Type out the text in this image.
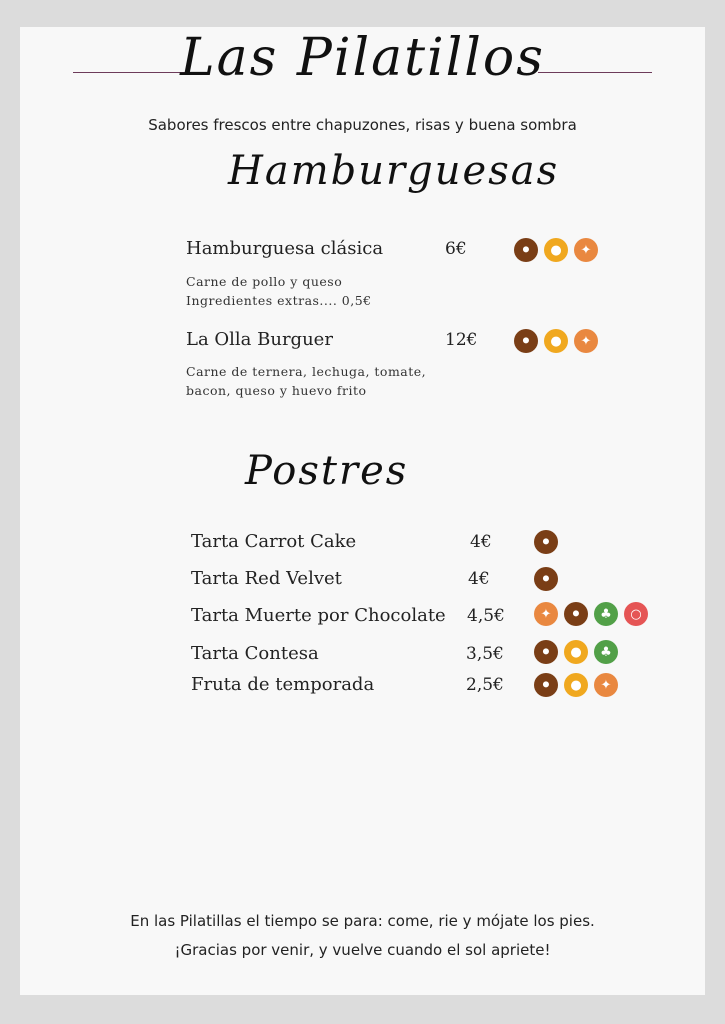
Las Pilatillos
Sabores frescos entre chapuzones, risas y buena sombra
Hamburguesas
Hamburguesa clásica	6€	⚫	●	✦
Carne de pollo y queso
Ingredientes extras.... 0,5€
La Olla Burguer	12€	⚫	●	✦
Carne de ternera, lechuga, tomate,
bacon, queso y huevo frito
Postres
Tarta Carrot Cake	4€	⚫
Tarta Red Velvet	4€	⚫
Tarta Muerte por Chocolate 4,5€	✦	⚫	♣	○
Tarta Contesa	3,5€	⚫	●	♣
Fruta de temporada	2,5€	⚫	●	✦
En las Pilatillas el tiempo se para: come, rie y mójate los pies.
¡Gracias por venir, y vuelve cuando el sol apriete!
